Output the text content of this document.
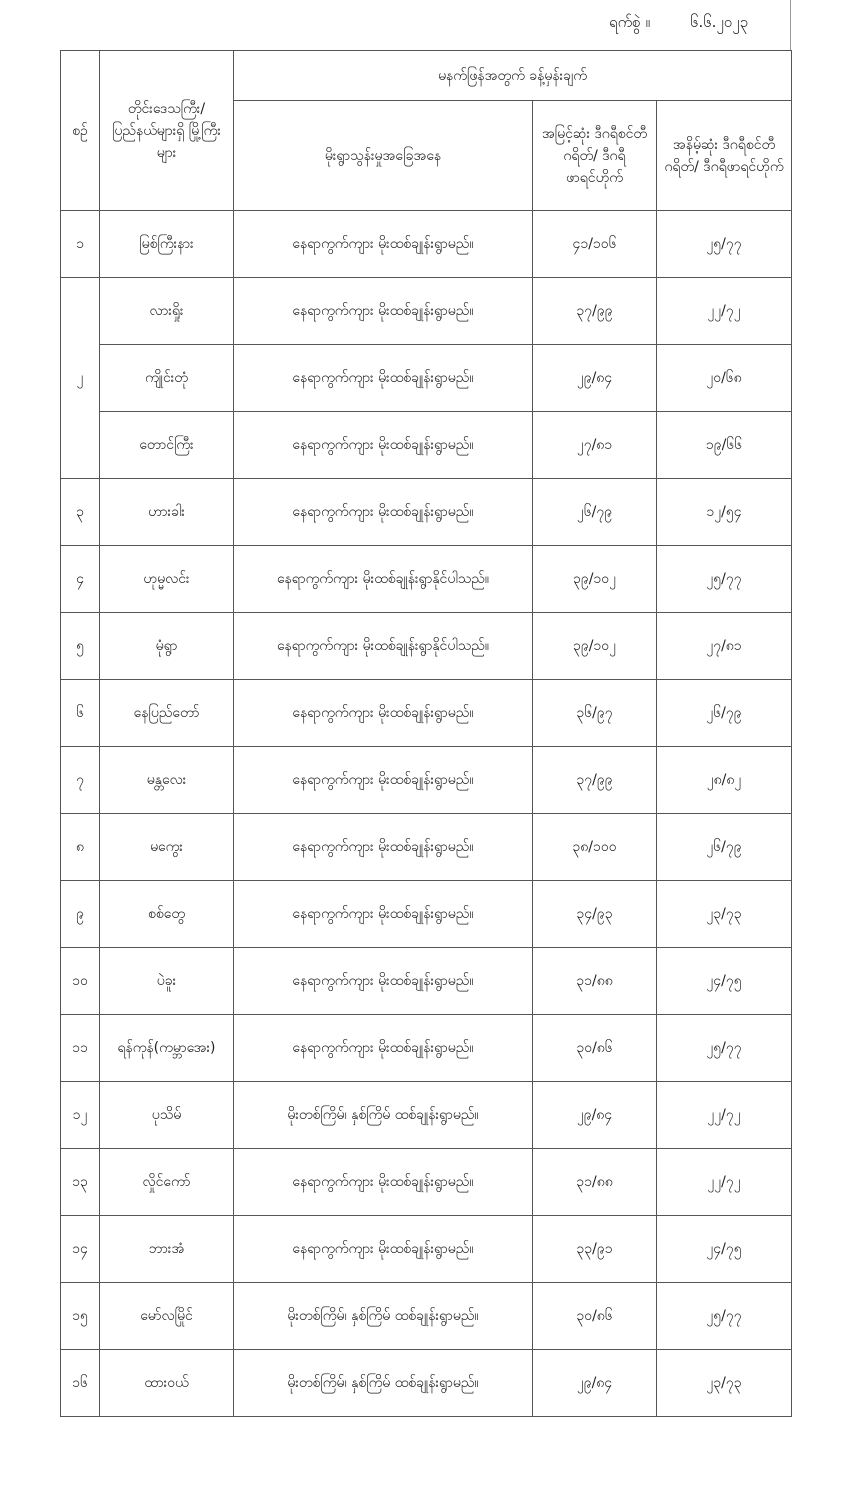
ရက်စွဲ ။	၆.၆.၂၀၂၃
စဉ်	တိုင်းဒေသကြီး/ ပြည်နယ်များရှိ မြို့ကြီးများ	မနက်ဖြန်အတွက် ခန့်မှန်းချက်		
		မိုးရွာသွန်းမှုအခြေအနေ	အမြင့်ဆုံး ဒီဂရီစင်တီဂရိတ်/ ဒီဂရီဖာရင်ဟိုက်	အနိမ့်ဆုံး ဒီဂရီစင်တီဂရိတ်/ ဒီဂရီဖာရင်ဟိုက်
၁	မြစ်ကြီးနား	နေရာကွက်ကျား မိုးထစ်ချုန်းရွာမည်။	၄၁/၁၀၆	၂၅/၇၇
၂	လားရှိုး	နေရာကွက်ကျား မိုးထစ်ချုန်းရွာမည်။	၃၇/၉၉	၂၂/၇၂
	ကျိုင်းတုံ	နေရာကွက်ကျား မိုးထစ်ချုန်းရွာမည်။	၂၉/၈၄	၂၀/၆၈
	တောင်ကြီး	နေရာကွက်ကျား မိုးထစ်ချုန်းရွာမည်။	၂၇/၈၁	၁၉/၆၆
၃	ဟားခါး	နေရာကွက်ကျား မိုးထစ်ချုန်းရွာမည်။	၂၆/၇၉	၁၂/၅၄
၄	ဟုမ္မလင်း	နေရာကွက်ကျား မိုးထစ်ချုန်းရွာနိုင်ပါသည်။	၃၉/၁၀၂	၂၅/၇၇
၅	မုံရွာ	နေရာကွက်ကျား မိုးထစ်ချုန်းရွာနိုင်ပါသည်။	၃၉/၁၀၂	၂၇/၈၁
၆	နေပြည်တော်	နေရာကွက်ကျား မိုးထစ်ချုန်းရွာမည်။	၃၆/၉၇	၂၆/၇၉
၇	မန္တလေး	နေရာကွက်ကျား မိုးထစ်ချုန်းရွာမည်။	၃၇/၉၉	၂၈/၈၂
၈	မကွေး	နေရာကွက်ကျား မိုးထစ်ချုန်းရွာမည်။	၃၈/၁၀၀	၂၆/၇၉
၉	စစ်တွေ	နေရာကွက်ကျား မိုးထစ်ချုန်းရွာမည်။	၃၄/၉၃	၂၃/၇၃
၁၀	ပဲခူး	နေရာကွက်ကျား မိုးထစ်ချုန်းရွာမည်။	၃၁/၈၈	၂၄/၇၅
၁၁	ရန်ကုန်(ကမ္ဘာအေး)	နေရာကွက်ကျား မိုးထစ်ချုန်းရွာမည်။	၃၀/၈၆	၂၅/၇၇
၁၂	ပုသိမ်	မိုးတစ်ကြိမ်၊ နှစ်ကြိမ် ထစ်ချုန်းရွာမည်။	၂၉/၈၄	၂၂/၇၂
၁၃	လှိုင်ကော်	နေရာကွက်ကျား မိုးထစ်ချုန်းရွာမည်။	၃၁/၈၈	၂၂/၇၂
၁၄	ဘားအံ	နေရာကွက်ကျား မိုးထစ်ချုန်းရွာမည်။	၃၃/၉၁	၂၄/၇၅
၁၅	မော်လမြိုင်	မိုးတစ်ကြိမ်၊ နှစ်ကြိမ် ထစ်ချုန်းရွာမည်။	၃၀/၈၆	၂၅/၇၇
၁၆	ထားဝယ်	မိုးတစ်ကြိမ်၊ နှစ်ကြိမ် ထစ်ချုန်းရွာမည်။	၂၉/၈၄	၂၃/၇၃
